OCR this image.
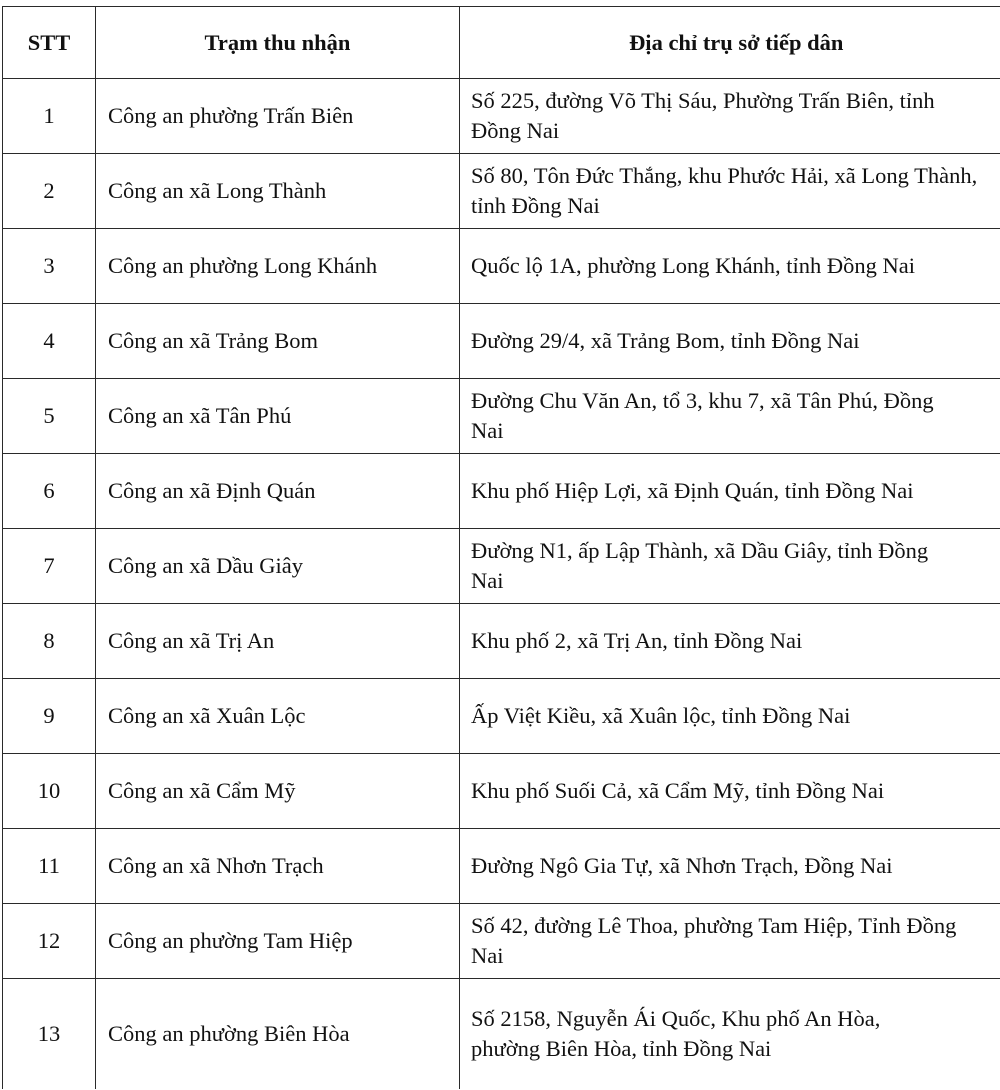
STT	Trạm thu nhận	Địa chỉ trụ sở tiếp dân
1	Công an phường Trấn Biên	Số 225, đường Võ Thị Sáu, Phường Trấn Biên, tỉnh Đồng Nai

2	Công an xã Long Thành	Số 80, Tôn Đức Thắng, khu Phước Hải, xã Long Thành, tỉnh Đồng Nai

3	Công an phường Long Khánh	Quốc lộ 1A, phường Long Khánh, tỉnh Đồng Nai

4	Công an xã Trảng Bom	Đường 29/4, xã Trảng Bom, tỉnh Đồng Nai

5	Công an xã Tân Phú	Đường Chu Văn An, tổ 3, khu 7, xã Tân Phú, Đồng Nai

6	Công an xã Định Quán	Khu phố Hiệp Lợi, xã Định Quán, tỉnh Đồng Nai

7	Công an xã Dầu Giây	Đường N1, ấp Lập Thành, xã Dầu Giây, tỉnh Đồng Nai

8	Công an xã Trị An	Khu phố 2, xã Trị An, tỉnh Đồng Nai

9	Công an xã Xuân Lộc	Ấp Việt Kiều, xã Xuân lộc, tỉnh Đồng Nai

10	Công an xã Cẩm Mỹ	Khu phố Suối Cả, xã Cẩm Mỹ, tỉnh Đồng Nai

11	Công an xã Nhơn Trạch	Đường Ngô Gia Tự, xã Nhơn Trạch, Đồng Nai

12	Công an phường Tam Hiệp	Số 42, đường Lê Thoa, phường Tam Hiệp, Tỉnh Đồng Nai

13	Công an phường Biên Hòa	Số 2158, Nguyễn Ái Quốc, Khu phố An Hòa, phường Biên Hòa, tỉnh Đồng Nai
